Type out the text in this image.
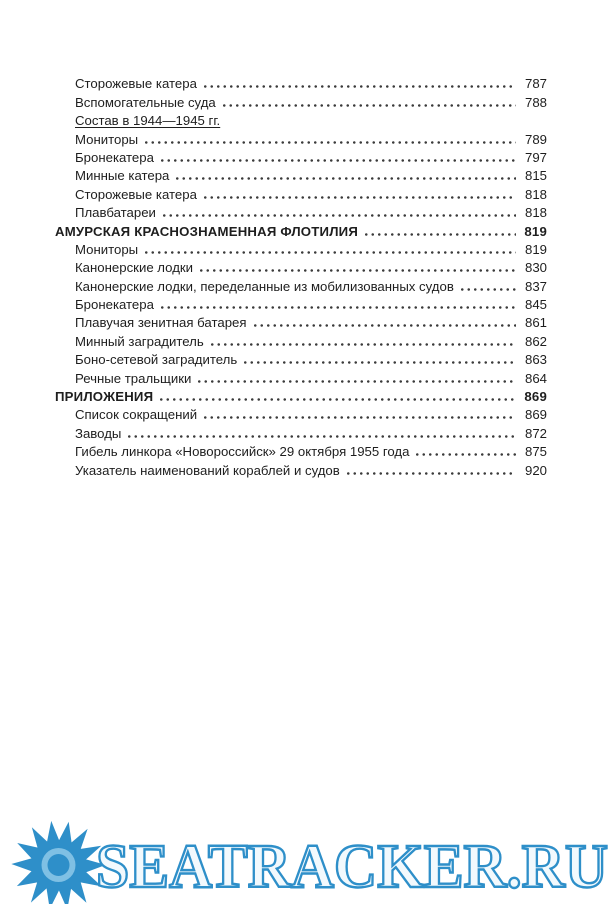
Сторожевые катера	787
Вспомогательные суда	788
Состав в 1944—1945 гг.
Мониторы	789
Бронекатера	797
Минные катера	815
Сторожевые катера	818
Плавбатареи	818
АМУРСКАЯ КРАСНОЗНАМЕННАЯ ФЛОТИЛИЯ	819
Мониторы	819
Канонерские лодки	830
Канонерские лодки, переделанные из мобилизованных судов	837
Бронекатера	845
Плавучая зенитная батарея	861
Минный заградитель	862
Боно-сетевой заградитель	863
Речные тральщики	864
ПРИЛОЖЕНИЯ	869
Список сокращений	869
Заводы	872
Гибель линкора «Новороссийск» 29 октября 1955 года	875
Указатель наименований кораблей и судов	920
SEATRACKER.RU
